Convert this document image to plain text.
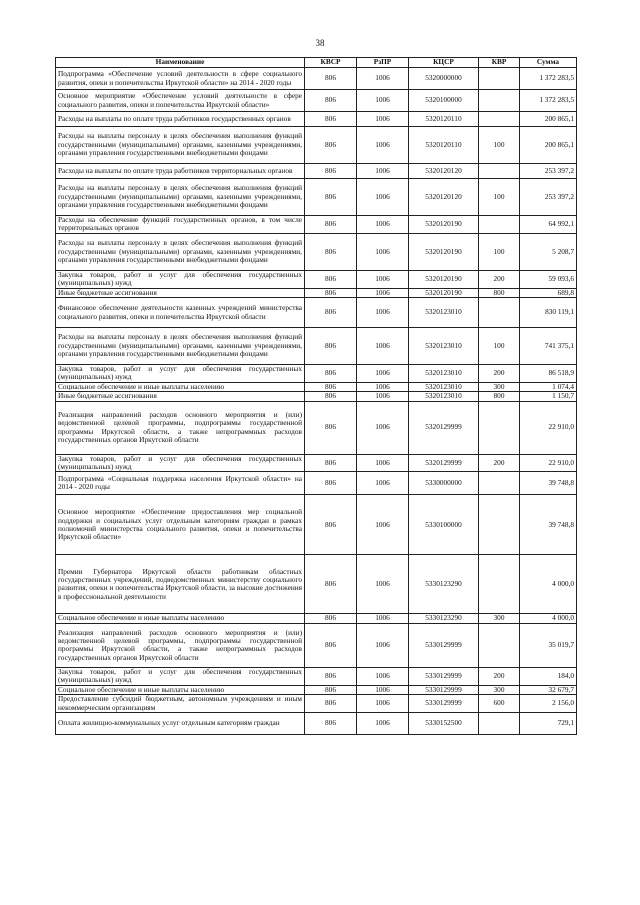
38
Наименование	КВСР	РзПР	КЦСР	КВР	Сумма
Подпрограмма «Обеспечение условий деятельности в сфере социального развития, опеки и попечительства Иркутской области» на 2014 - 2020 годы	806	1006	5320000000		1 372 283,5
Основное мероприятие «Обеспечение условий деятельности в сфере социального развития, опеки и попечительства Иркутской области»	806	1006	5320100000		1 372 283,5
Расходы на выплаты по оплате труда работников государственных органов	806	1006	5320120110		200 865,1
Расходы на выплаты персоналу в целях обеспечения выполнения функций государственными (муниципальными) органами, казенными учреждениями, органами управления государственными внебюджетными фондами	806	1006	5320120110	100	200 865,1
Расходы на выплаты по оплате труда работников территориальных органов	806	1006	5320120120		253 397,2
Расходы на выплаты персоналу в целях обеспечения выполнения функций государственными (муниципальными) органами, казенными учреждениями, органами управления государственными внебюджетными фондами	806	1006	5320120120	100	253 397,2
Расходы на обеспечение функций государственных органов, в том числе территориальных органов	806	1006	5320120190		64 992,1
Расходы на выплаты персоналу в целях обеспечения выполнения функций государственными (муниципальными) органами, казенными учреждениями, органами управления государственными внебюджетными фондами	806	1006	5320120190	100	5 208,7
Закупка товаров, работ и услуг для обеспечения государственных (муниципальных) нужд	806	1006	5320120190	200	59 093,6
Иные бюджетные ассигнования	806	1006	5320120190	800	689,8
Финансовое обеспечение деятельности казенных учреждений министерства социального развития, опеки и попечительства Иркутской области	806	1006	5320123010		830 119,1
Расходы на выплаты персоналу в целях обеспечения выполнения функций государственными (муниципальными) органами, казенными учреждениями, органами управления государственными внебюджетными фондами	806	1006	5320123010	100	741 375,1
Закупка товаров, работ и услуг для обеспечения государственных (муниципальных) нужд	806	1006	5320123010	200	86 518,9
Социальное обеспечение и иные выплаты населению	806	1006	5320123010	300	1 074,4
Иные бюджетные ассигнования	806	1006	5320123010	800	1 150,7
Реализация направлений расходов основного мероприятия и (или) ведомственной целевой программы, подпрограммы государственной программы Иркутской области, а также непрограммных расходов государственных органов Иркутской области	806	1006	5320129999		22 910,0
Закупка товаров, работ и услуг для обеспечения государственных (муниципальных) нужд	806	1006	5320129999	200	22 910,0
Подпрограмма «Социальная поддержка населения Иркутской области» на 2014 - 2020 годы	806	1006	5330000000		39 748,8
Основное мероприятие «Обеспечение предоставления мер социальной поддержки и социальных услуг отдельным категориям граждан в рамках полномочий министерства социального развития, опеки и попечительства Иркутской области»	806	1006	5330100000		39 748,8
Премии Губернатора Иркутской области работникам областных государственных учреждений, подведомственных министерству социального развития, опеки и попечительства Иркутской области, за высокие достижения в профессиональной деятельности	806	1006	5330123290		4 000,0
Социальное обеспечение и иные выплаты населению	806	1006	5330123290	300	4 000,0
Реализация направлений расходов основного мероприятия и (или) ведомственной целевой программы, подпрограммы государственной программы Иркутской области, а также непрограммных расходов государственных органов Иркутской области	806	1006	5330129999		35 019,7
Закупка товаров, работ и услуг для обеспечения государственных (муниципальных) нужд	806	1006	5330129999	200	184,0
Социальное обеспечение и иные выплаты населению	806	1006	5330129999	300	32 679,7
Предоставление субсидий бюджетным, автономным учреждениям и иным некоммерческим организациям	806	1006	5330129999	600	2 156,0
Оплата жилищно-коммунальных услуг отдельным категориям граждан	806	1006	5330152500		729,1
